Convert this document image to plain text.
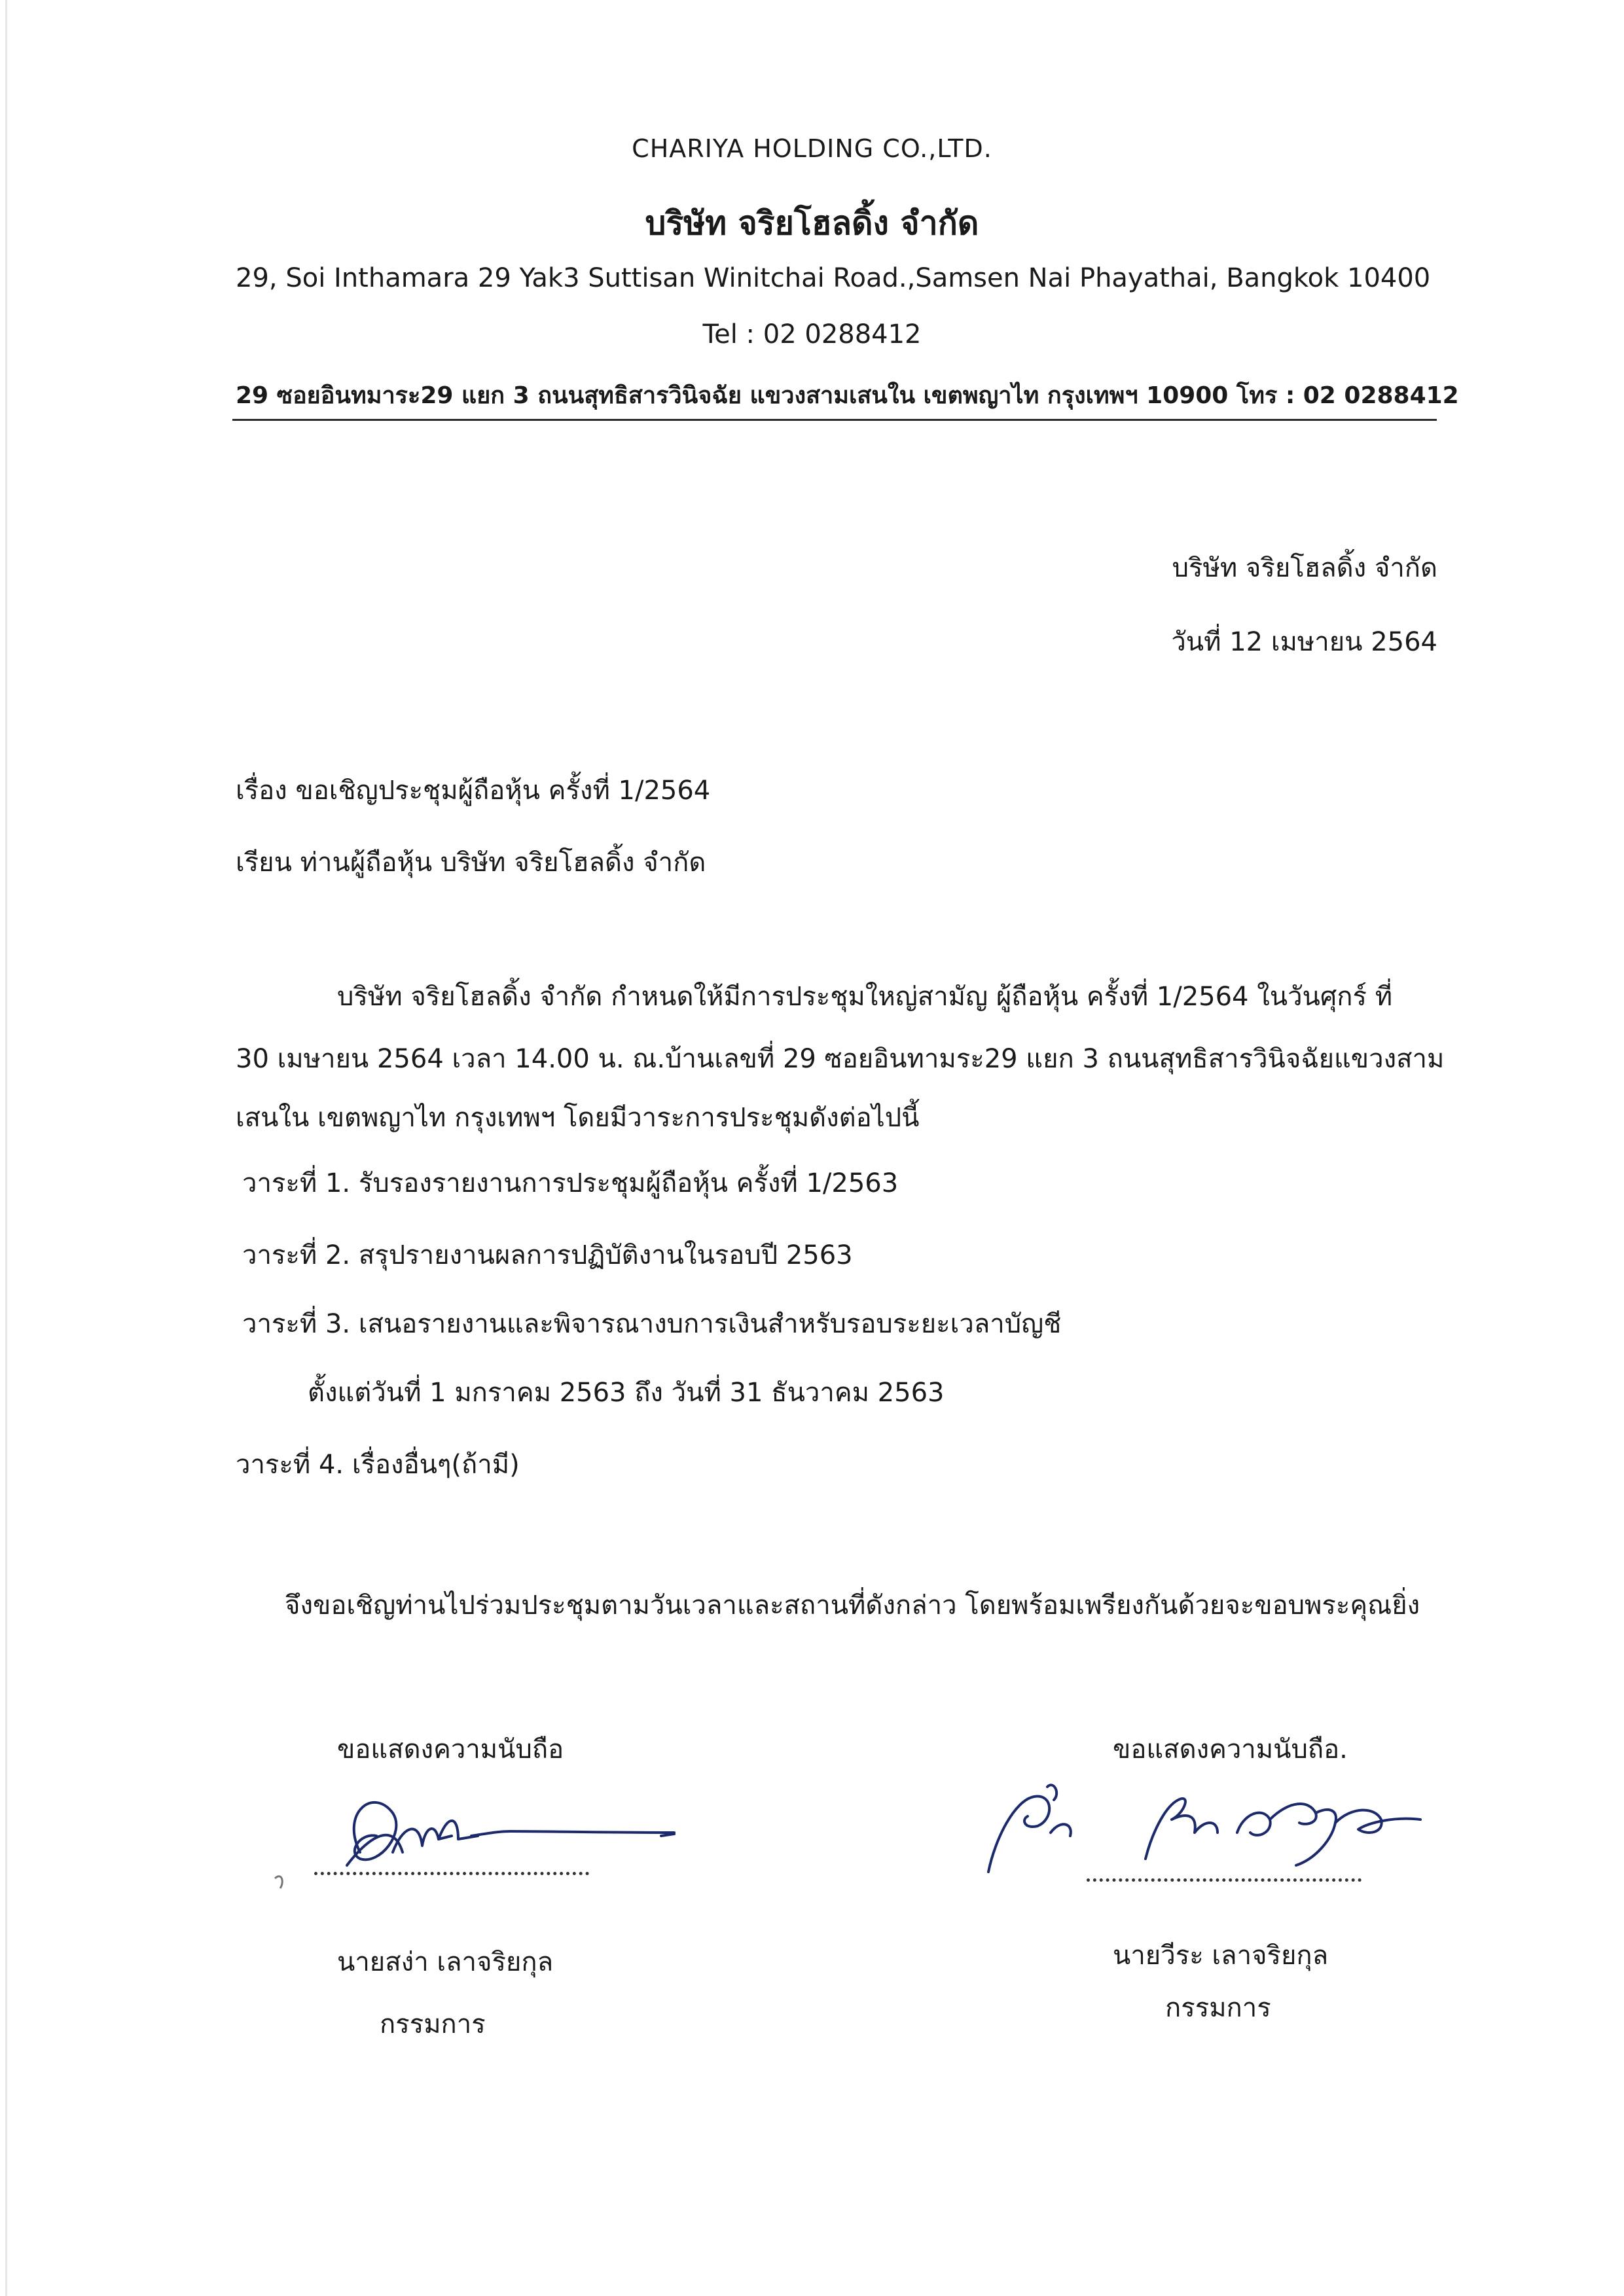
CHARIYA HOLDING CO.,LTD.
บริษัท จริยโฮลดิ้ง จำกัด
29, Soi Inthamara 29 Yak3 Suttisan Winitchai Road.,Samsen Nai Phayathai, Bangkok 10400
Tel : 02 0288412
29 ซอยอินทมาระ29 แยก 3 ถนนสุทธิสารวินิจฉัย แขวงสามเสนใน เขตพญาไท กรุงเทพฯ 10900 โทร : 02 0288412
บริษัท จริยโฮลดิ้ง จำกัด
วันที่ 12 เมษายน 2564
เรื่อง ขอเชิญประชุมผู้ถือหุ้น ครั้งที่ 1/2564
เรียน ท่านผู้ถือหุ้น บริษัท จริยโฮลดิ้ง จำกัด
บริษัท จริยโฮลดิ้ง จำกัด กำหนดให้มีการประชุมใหญ่สามัญ ผู้ถือหุ้น ครั้งที่ 1/2564 ในวันศุกร์ ที่
30 เมษายน 2564 เวลา 14.00 น. ณ.บ้านเลขที่ 29 ซอยอินทามระ29 แยก 3 ถนนสุทธิสารวินิจฉัยแขวงสาม
เสนใน เขตพญาไท กรุงเทพฯ โดยมีวาระการประชุมดังต่อไปนี้
วาระที่ 1. รับรองรายงานการประชุมผู้ถือหุ้น ครั้งที่ 1/2563
วาระที่ 2. สรุปรายงานผลการปฏิบัติงานในรอบปี 2563
วาระที่ 3. เสนอรายงานและพิจารณางบการเงินสำหรับรอบระยะเวลาบัญชี
ตั้งแต่วันที่ 1 มกราคม 2563 ถึง วันที่ 31 ธันวาคม 2563
วาระที่ 4. เรื่องอื่นๆ(ถ้ามี)
จึงขอเชิญท่านไปร่วมประชุมตามวันเวลาและสถานที่ดังกล่าว โดยพร้อมเพรียงกันด้วยจะขอบพระคุณยิ่ง
ขอแสดงความนับถือ
นายสง่า เลาจริยกุล
กรรมการ
ขอแสดงความนับถือ.
นายวีระ เลาจริยกุล
กรรมการ
